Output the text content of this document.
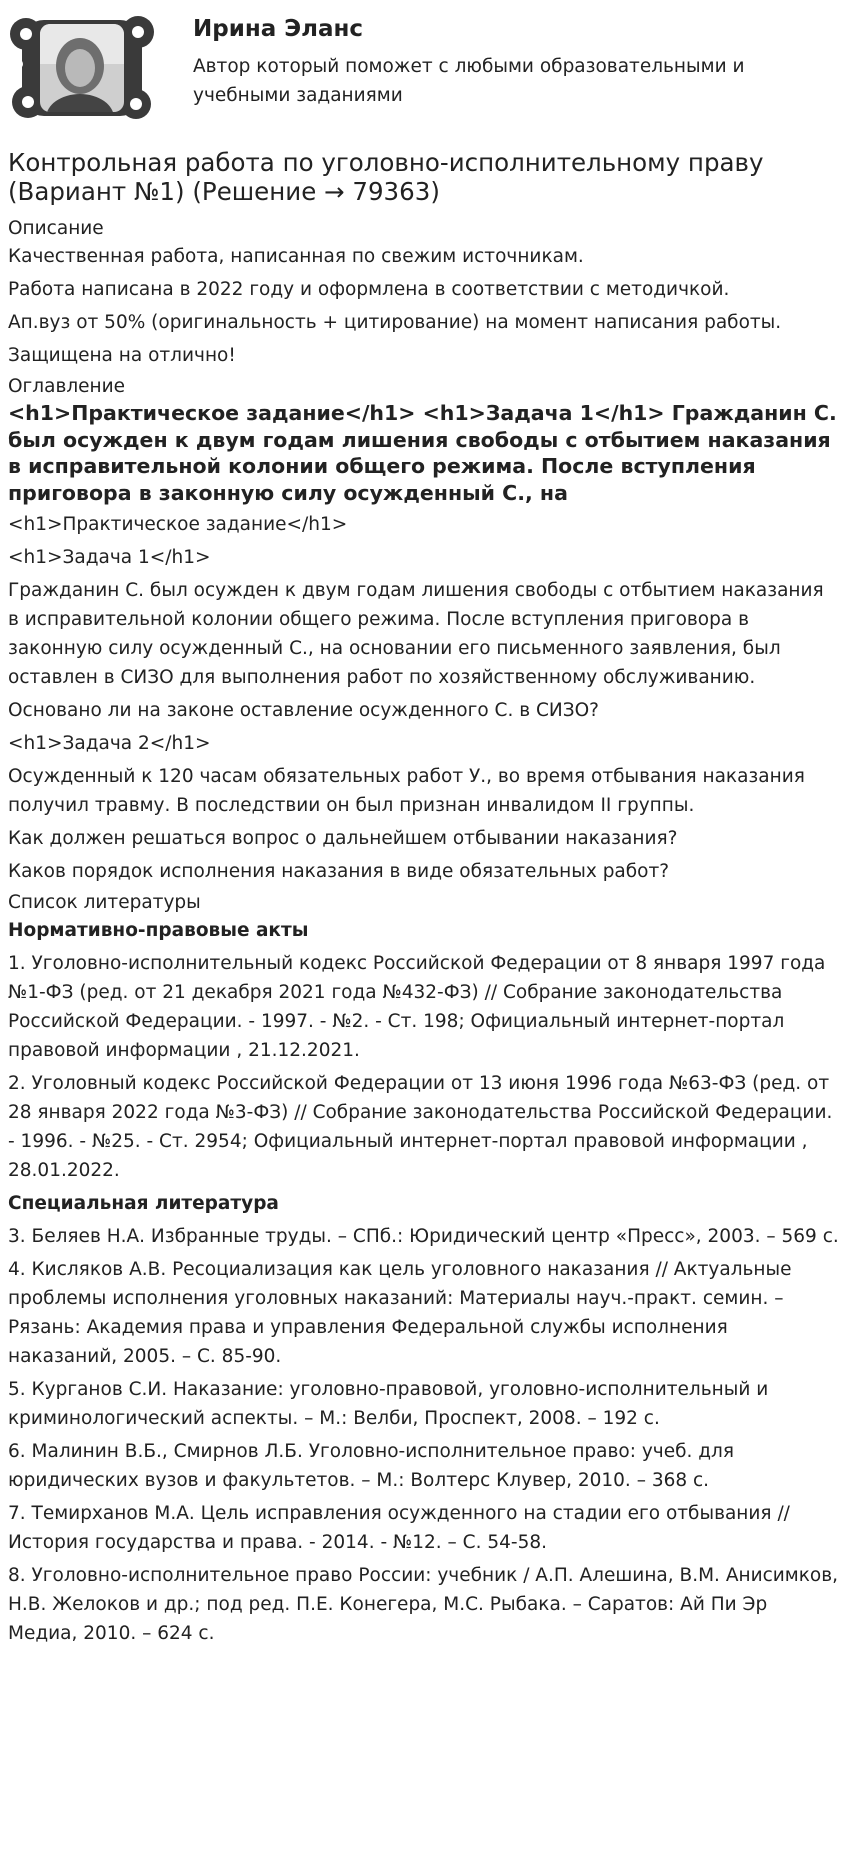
Ирина Эланс

Автор который поможет с любыми образовательными и учебными заданиями

Контрольная работа по уголовно-исполнительному праву (Вариант №1) (Решение → 79363)

Описание

Качественная работа, написанная по свежим источникам.

Работа написана в 2022 году и оформлена в соответствии с методичкой.

Ап.вуз от 50% (оригинальность + цитирование) на момент написания работы.

Защищена на отлично!

Оглавление

<h1>Практическое задание</h1> <h1>Задача 1</h1> Гражданин С. был осужден к двум годам лишения свободы с отбытием наказания в исправительной колонии общего режима. После вступления приговора в законную силу осужденный С., на

<h1>Практическое задание</h1>

<h1>Задача 1</h1>

Гражданин С. был осужден к двум годам лишения свободы с отбытием наказания в исправительной колонии общего режима. После вступления приговора в законную силу осужденный С., на основании его письменного заявления, был оставлен в СИЗО для выполнения работ по хозяйственному обслуживанию.

Основано ли на законе оставление осужденного С. в СИЗО?

<h1>Задача 2</h1>

Осужденный к 120 часам обязательных работ У., во время отбывания наказания получил травму. В последствии он был признан инвалидом II группы.

Как должен решаться вопрос о дальнейшем отбывании наказания?

Каков порядок исполнения наказания в виде обязательных работ?

Список литературы

Нормативно-правовые акты

1. Уголовно-исполнительный кодекс Российской Федерации от 8 января 1997 года №1-ФЗ (ред. от 21 декабря 2021 года №432-ФЗ) // Собрание законодательства Российской Федерации. - 1997. - №2. - Ст. 198; Официальный интернет-портал правовой информации , 21.12.2021.

2. Уголовный кодекс Российской Федерации от 13 июня 1996 года №63-ФЗ (ред. от 28 января 2022 года №3-ФЗ) // Собрание законодательства Российской Федерации. - 1996. - №25. - Ст. 2954; Официальный интернет-портал правовой информации , 28.01.2022.

Специальная литература

3. Беляев Н.А. Избранные труды. – СПб.: Юридический центр «Пресс», 2003. – 569 с.

4. Кисляков А.В. Ресоциализация как цель уголовного наказания // Актуальные проблемы исполнения уголовных наказаний: Материалы науч.-практ. семин. – Рязань: Академия права и управления Федеральной службы исполнения наказаний, 2005. – С. 85-90.

5. Курганов С.И. Наказание: уголовно-правовой, уголовно-исполнительный и криминологический аспекты. – М.: Велби, Проспект, 2008. – 192 с.

6. Малинин В.Б., Смирнов Л.Б. Уголовно-исполнительное право: учеб. для юридических вузов и факультетов. – М.: Волтерс Клувер, 2010. – 368 с.

7. Темирханов М.А. Цель исправления осужденного на стадии его отбывания // История государства и права. - 2014. - №12. – С. 54-58.

8. Уголовно-исполнительное право России: учебник / А.П. Алешина, В.М. Анисимков, Н.В. Желоков и др.; под ред. П.Е. Конегера, М.С. Рыбака. – Саратов: Ай Пи Эр Медиа, 2010. – 624 с.
